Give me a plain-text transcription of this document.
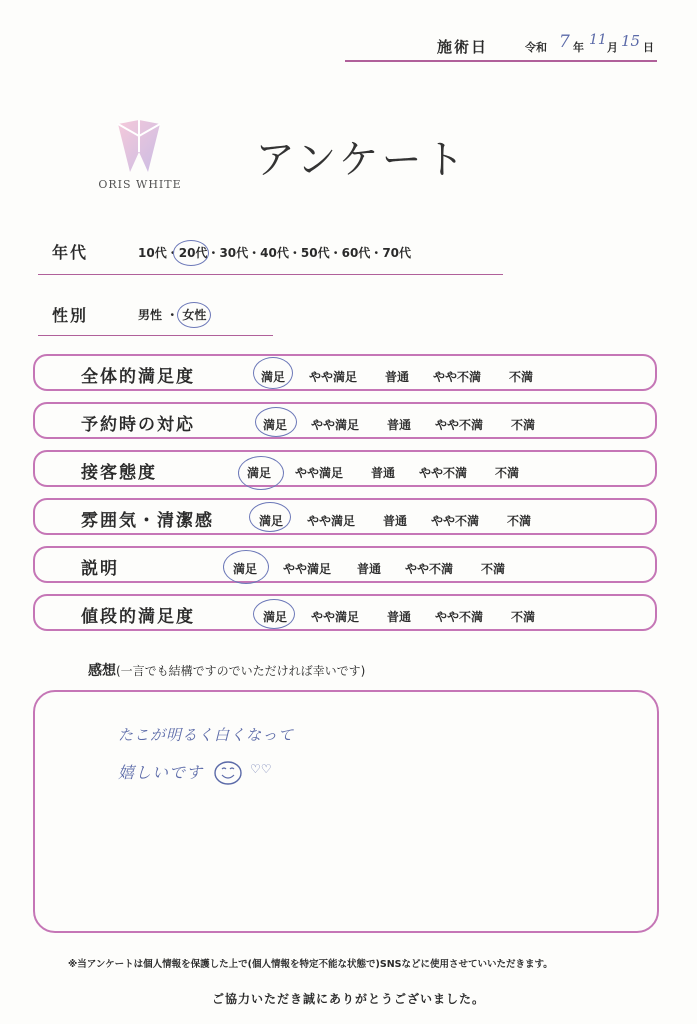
施術日	令和 7 年 11 月 15 日
ORIS WHITE
アンケート
年代	10代・20代
・30代・40代・50代・60代・70代
性別	男性 ・ 女性
全体的満足度	満足 やや満足 普通 やや不満 不満
予約時の対応	満足 やや満足 普通 やや不満 不満
接客態度	満足 やや満足 普通 やや不満 不満
雰囲気・清潔感	満足 やや満足 普通 やや不満 不満
説明	満足 やや満足 普通 やや不満 不満
値段的満足度	満足 やや満足 普通 やや不満 不満
感想(一言でも結構ですのでいただければ幸いです)
たこが明るく白くなって
嬉しいです	♡♡
※当アンケートは個人情報を保護した上で(個人情報を特定不能な状態で)SNSなどに使用させていいただきます。
ご協力いただき誠にありがとうございました。
